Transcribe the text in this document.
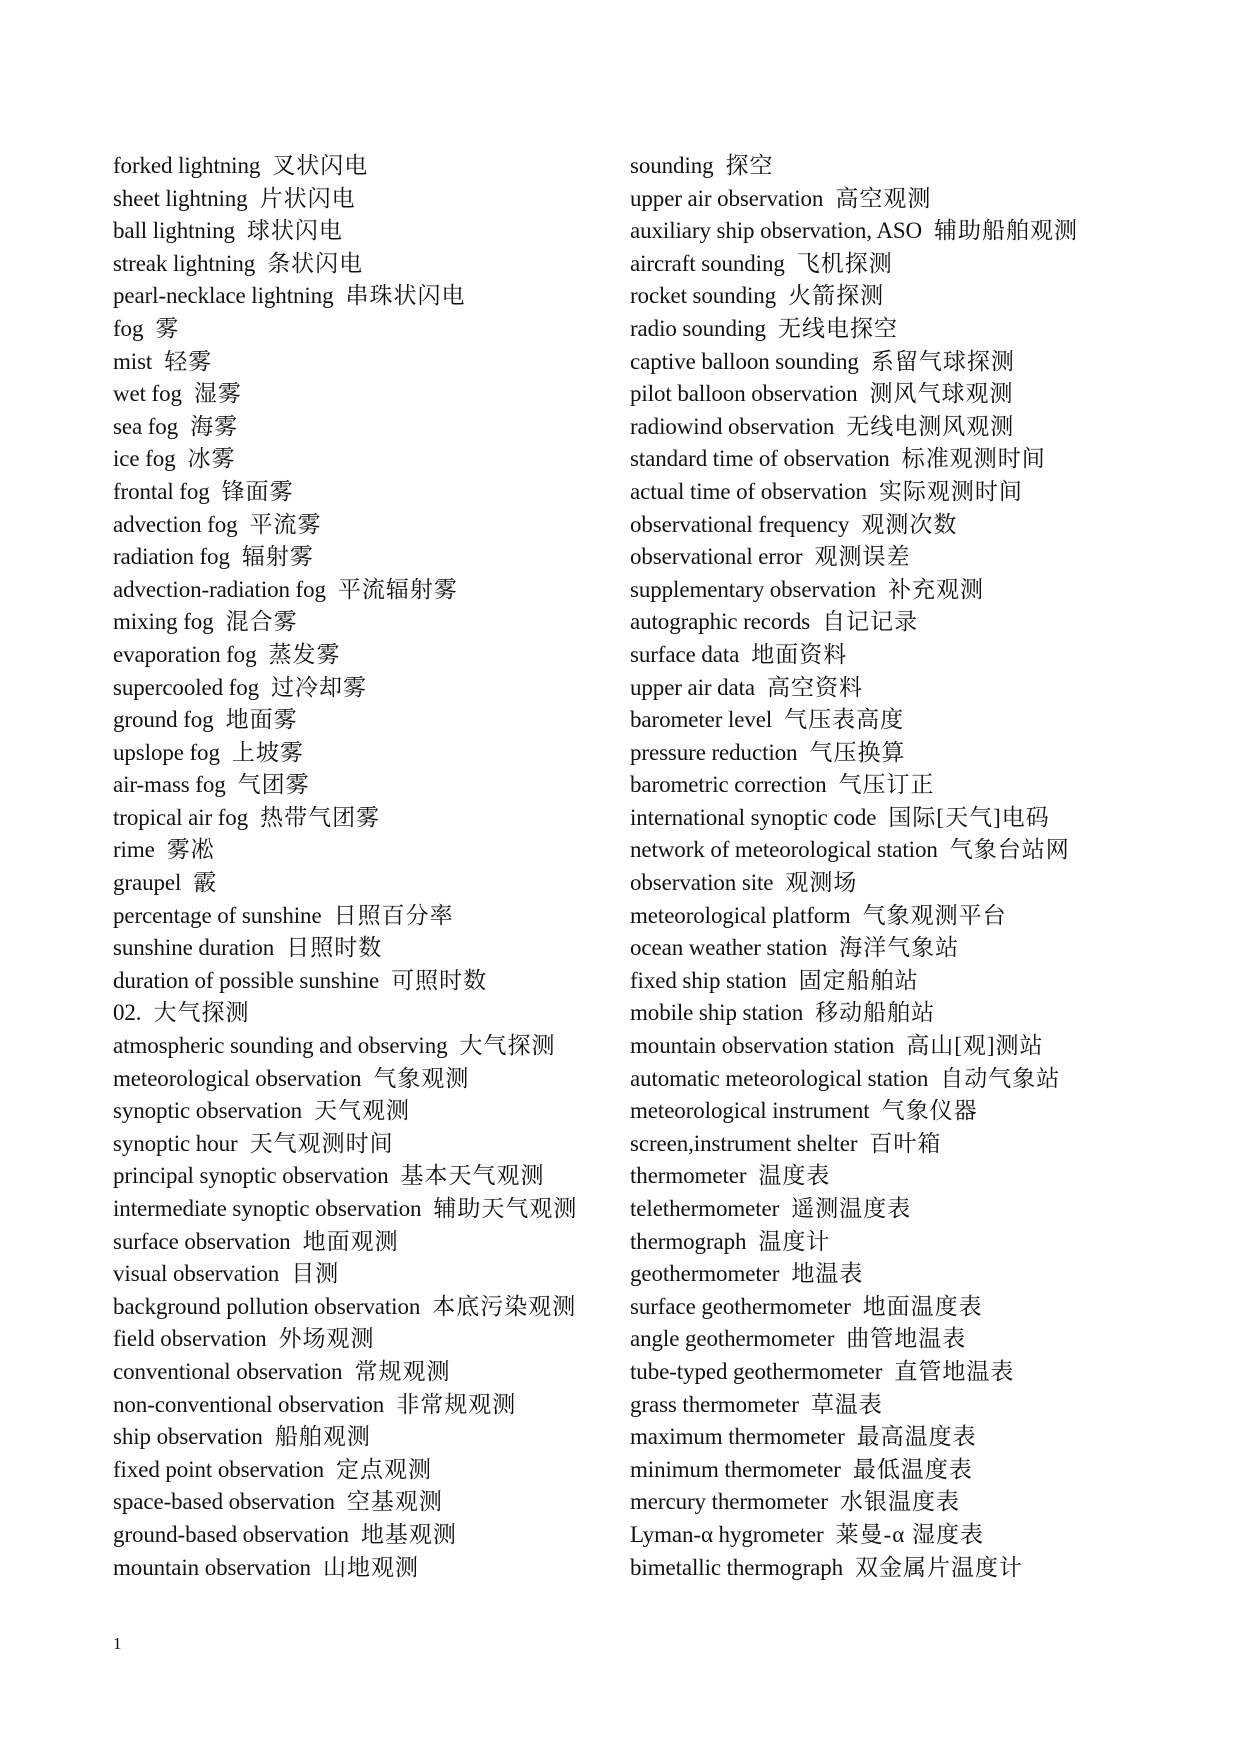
forked lightning 叉状闪电
sheet lightning 片状闪电
ball lightning 球状闪电
streak lightning 条状闪电
pearl-necklace lightning 串珠状闪电
fog 雾
mist 轻雾
wet fog 湿雾
sea fog 海雾
ice fog 冰雾
frontal fog 锋面雾
advection fog 平流雾
radiation fog 辐射雾
advection-radiation fog 平流辐射雾
mixing fog 混合雾
evaporation fog 蒸发雾
supercooled fog 过冷却雾
ground fog 地面雾
upslope fog 上坡雾
air-mass fog 气团雾
tropical air fog 热带气团雾
rime 雾凇
graupel 霰
percentage of sunshine 日照百分率
sunshine duration 日照时数
duration of possible sunshine 可照时数
02. 大气探测
atmospheric sounding and observing 大气探测
meteorological observation 气象观测
synoptic observation 天气观测
synoptic hour 天气观测时间
principal synoptic observation 基本天气观测
intermediate synoptic observation 辅助天气观测
surface observation 地面观测
visual observation 目测
background pollution observation 本底污染观测
field observation 外场观测
conventional observation 常规观测
non-conventional observation 非常规观测
ship observation 船舶观测
fixed point observation 定点观测
space-based observation 空基观测
ground-based observation 地基观测
mountain observation 山地观测
sounding 探空
upper air observation 高空观测
auxiliary ship observation, ASO 辅助船舶观测
aircraft sounding 飞机探测
rocket sounding 火箭探测
radio sounding 无线电探空
captive balloon sounding 系留气球探测
pilot balloon observation 测风气球观测
radiowind observation 无线电测风观测
standard time of observation 标准观测时间
actual time of observation 实际观测时间
observational frequency 观测次数
observational error 观测误差
supplementary observation 补充观测
autographic records 自记记录
surface data 地面资料
upper air data 高空资料
barometer level 气压表高度
pressure reduction 气压换算
barometric correction 气压订正
international synoptic code 国际[天气]电码
network of meteorological station 气象台站网
observation site 观测场
meteorological platform 气象观测平台
ocean weather station 海洋气象站
fixed ship station 固定船舶站
mobile ship station 移动船舶站
mountain observation station 高山[观]测站
automatic meteorological station 自动气象站
meteorological instrument 气象仪器
screen,instrument shelter 百叶箱
thermometer 温度表
telethermometer 遥测温度表
thermograph 温度计
geothermometer 地温表
surface geothermometer 地面温度表
angle geothermometer 曲管地温表
tube-typed geothermometer 直管地温表
grass thermometer 草温表
maximum thermometer 最高温度表
minimum thermometer 最低温度表
mercury thermometer 水银温度表
Lyman-α hygrometer 莱曼-α 湿度表
bimetallic thermograph 双金属片温度计
1
